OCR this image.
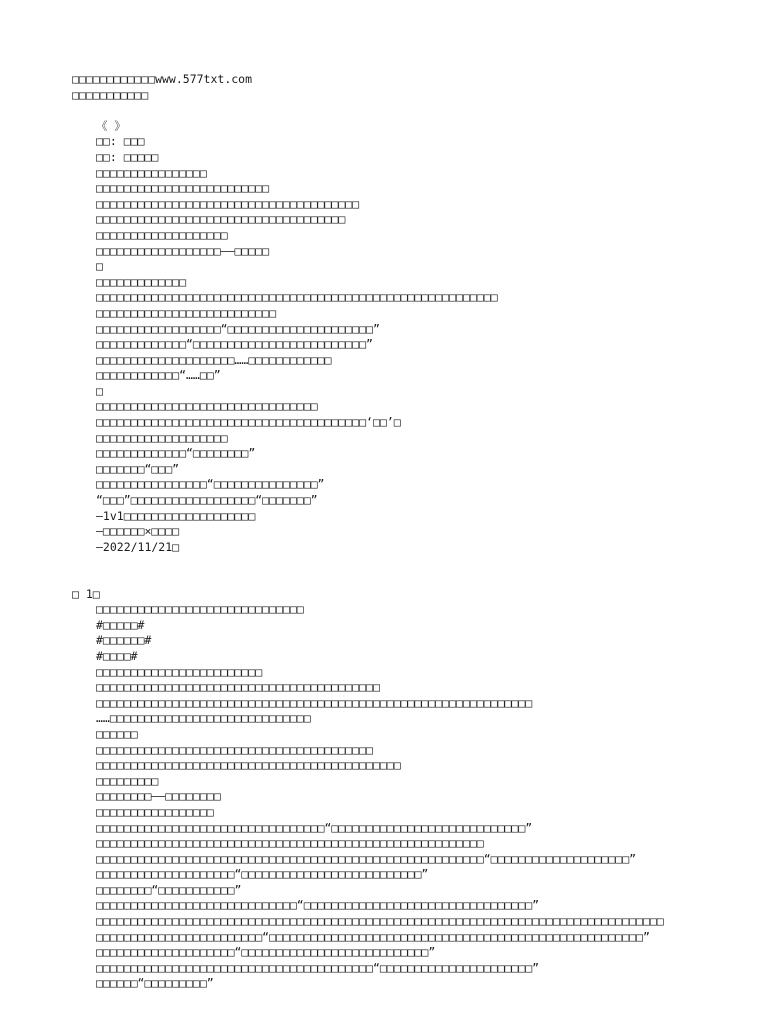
□□□□□□□□□□□□www.577txt.com
□□□□□□□□□□□
《 》
□□: □□□
□□: □□□□□
□□□□□□□□□□□□□□□□
□□□□□□□□□□□□□□□□□□□□□□□□□
□□□□□□□□□□□□□□□□□□□□□□□□□□□□□□□□□□□□□□
□□□□□□□□□□□□□□□□□□□□□□□□□□□□□□□□□□□□
□□□□□□□□□□□□□□□□□□□
□□□□□□□□□□□□□□□□□□——□□□□□
□
□□□□□□□□□□□□□
□□□□□□□□□□□□□□□□□□□□□□□□□□□□□□□□□□□□□□□□□□□□□□□□□□□□□□□□□□
□□□□□□□□□□□□□□□□□□□□□□□□□□
□□□□□□□□□□□□□□□□□□“□□□□□□□□□□□□□□□□□□□□□”
□□□□□□□□□□□□□“□□□□□□□□□□□□□□□□□□□□□□□□□”
□□□□□□□□□□□□□□□□□□□□……□□□□□□□□□□□□
□□□□□□□□□□□□“……□□”
□
□□□□□□□□□□□□□□□□□□□□□□□□□□□□□□□□
□□□□□□□□□□□□□□□□□□□□□□□□□□□□□□□□□□□□□□□‘□□’□
□□□□□□□□□□□□□□□□□□□
□□□□□□□□□□□□□“□□□□□□□□”
□□□□□□□“□□□”
□□□□□□□□□□□□□□□□“□□□□□□□□□□□□□□□”
“□□□”□□□□□□□□□□□□□□□□□□“□□□□□□□”
—1v1□□□□□□□□□□□□□□□□□□□
—□□□□□□×□□□□
—2022/11/21□
□ 1□
□□□□□□□□□□□□□□□□□□□□□□□□□□□□□□
#□□□□□#
#□□□□□□#
#□□□□#
□□□□□□□□□□□□□□□□□□□□□□□□
□□□□□□□□□□□□□□□□□□□□□□□□□□□□□□□□□□□□□□□□□
□□□□□□□□□□□□□□□□□□□□□□□□□□□□□□□□□□□□□□□□□□□□□□□□□□□□□□□□□□□□□□□
……□□□□□□□□□□□□□□□□□□□□□□□□□□□□□
□□□□□□
□□□□□□□□□□□□□□□□□□□□□□□□□□□□□□□□□□□□□□□□
□□□□□□□□□□□□□□□□□□□□□□□□□□□□□□□□□□□□□□□□□□□□
□□□□□□□□□
□□□□□□□□——□□□□□□□□
□□□□□□□□□□□□□□□□□
□□□□□□□□□□□□□□□□□□□□□□□□□□□□□□□□□“□□□□□□□□□□□□□□□□□□□□□□□□□□□□”
□□□□□□□□□□□□□□□□□□□□□□□□□□□□□□□□□□□□□□□□□□□□□□□□□□□□□□□□
□□□□□□□□□□□□□□□□□□□□□□□□□□□□□□□□□□□□□□□□□□□□□□□□□□□□□□□□“□□□□□□□□□□□□□□□□□□□□”
□□□□□□□□□□□□□□□□□□□□“□□□□□□□□□□□□□□□□□□□□□□□□□□”
□□□□□□□□“□□□□□□□□□□□”
□□□□□□□□□□□□□□□□□□□□□□□□□□□□□“□□□□□□□□□□□□□□□□□□□□□□□□□□□□□□□□□”
□□□□□□□□□□□□□□□□□□□□□□□□□□□□□□□□□□□□□□□□□□□□□□□□□□□□□□□□□□□□□□□□□□□□□□□□□□□□□□□□□□
□□□□□□□□□□□□□□□□□□□□□□□□“□□□□□□□□□□□□□□□□□□□□□□□□□□□□□□□□□□□□□□□□□□□□□□□□□□□□□□”
□□□□□□□□□□□□□□□□□□□□“□□□□□□□□□□□□□□□□□□□□□□□□□□□”
□□□□□□□□□□□□□□□□□□□□□□□□□□□□□□□□□□□□□□□□“□□□□□□□□□□□□□□□□□□□□□□”
□□□□□□“□□□□□□□□□”
